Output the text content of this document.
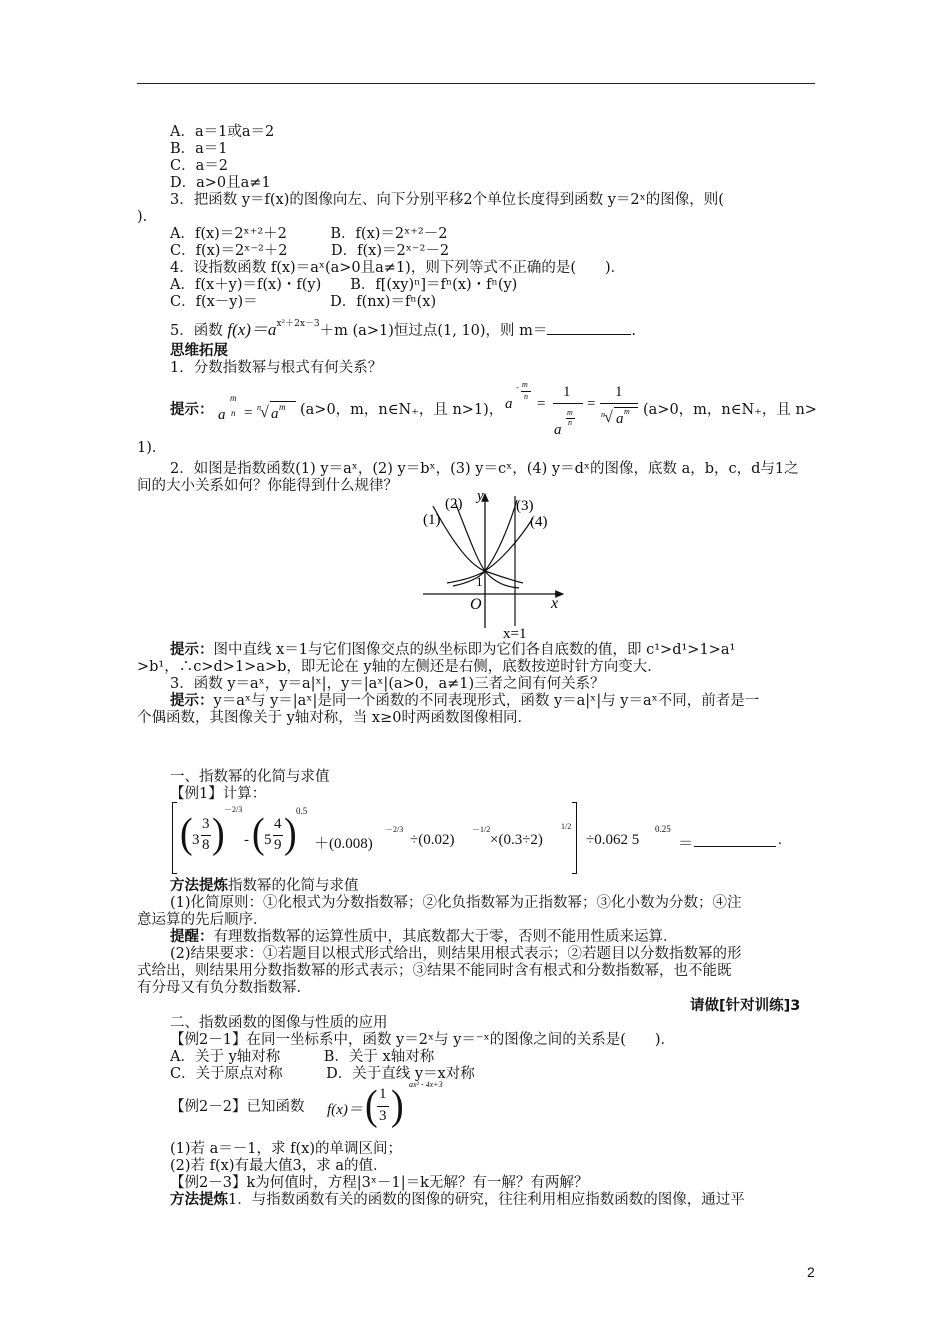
A．a＝1或a＝2
B．a＝1
C．a＝2
D．a>0且a≠1
3．把函数 y＝f(x)的图像向左、向下分别平移2个单位长度得到函数 y＝2ˣ的图像，则(
)．
A．f(x)＝2ˣ⁺²＋2　　　B．f(x)＝2ˣ⁺²－2
C．f(x)＝2ˣ⁻²＋2　　　D．f(x)＝2ˣ⁻²－2
4．设指数函数 f(x)＝aˣ(a>0且a≠1)，则下列等式不正确的是(　　)．
A．f(x＋y)＝f(x)・f(y)　　B．f[(xy)ⁿ]＝fⁿ(x)・fⁿ(y)
C．f(x－y)＝　　　　　D．f(nx)＝fⁿ(x)
5．函数 $f(x)=a^{x^2+2x-3}+m$ (a>1)恒过点(1, 10)，则 m＝	.
思维拓展
1．分数指数幂与根式有何关系？
提示： a
m
n = n √ a m (a>0，m，n∈N₊，且 n>1)， a
- m
n =
1
a
m
n
=
1
n √ a m (a>0，m，n∈N₊，且 n>
1)．
2．如图是指数函数(1) y＝aˣ，(2) y＝bˣ，(3) y＝cˣ，(4) y＝dˣ的图像，底数 a，b，c，d与1之
间的大小关系如何？你能得到什么规律？
(1)
(2)	(3)
(4)
y
x
O
1
x=1
提示：图中直线 x＝1与它们图像交点的纵坐标即为它们各自底数的值，即 c¹>d¹>1>a¹
>b¹，∴c>d>1>a>b，即无论在 y轴的左侧还是右侧，底数按逆时针方向变大．
3．函数 y＝aˣ，y＝a|ˣ|，y＝|aˣ|(a>0，a≠1)三者之间有何关系？
提示：y＝aˣ与 y＝|aˣ|是同一个函数的不同表现形式，函数 y＝a|ˣ|与 y＝aˣ不同，前者是一
个偶函数，其图像关于 y轴对称，当 x≥0时两函数图像相同．
一、指数幂的化简与求值
【例1】计算：
( 3
3
8 )
－2/3
- ( 5
4
9 ) 0.5
＋(0.008)
－2/3
÷(0.02)
－1/2
×(0.3÷2)
1/2
÷0.062 5
0.25
＝	.
方法提炼指数幂的化简与求值
(1)化简原则：①化根式为分数指数幂；②化负指数幂为正指数幂；③化小数为分数；④注
意运算的先后顺序．
提醒：有理数指数幂的运算性质中，其底数都大于零，否则不能用性质来运算．
(2)结果要求：①若题目以根式形式给出，则结果用根式表示；②若题目以分数指数幂的形
式给出，则结果用分数指数幂的形式表示；③结果不能同时含有根式和分数指数幂，也不能既
有分母又有负分数指数幂．
请做[针对训练]3
二、指数函数的图像与性质的应用
【例2－1】在同一坐标系中，函数 y＝2ˣ与 y＝⁻ˣ的图像之间的关系是(　　)．
A．关于 y轴对称　　　B．关于 x轴对称
C．关于原点对称　　　D．关于直线 y＝x对称
【例2－2】已知函数 f(x)＝ ( 1
3 ) ax² - 4x+3
(1)若 a＝－1，求 f(x)的单调区间；
(2)若 f(x)有最大值3，求 a的值．
【例2－3】k为何值时，方程|3ˣ－1|＝k无解？有一解？有两解？
方法提炼1．与指数函数有关的函数的图像的研究，往往利用相应指数函数的图像，通过平
2
